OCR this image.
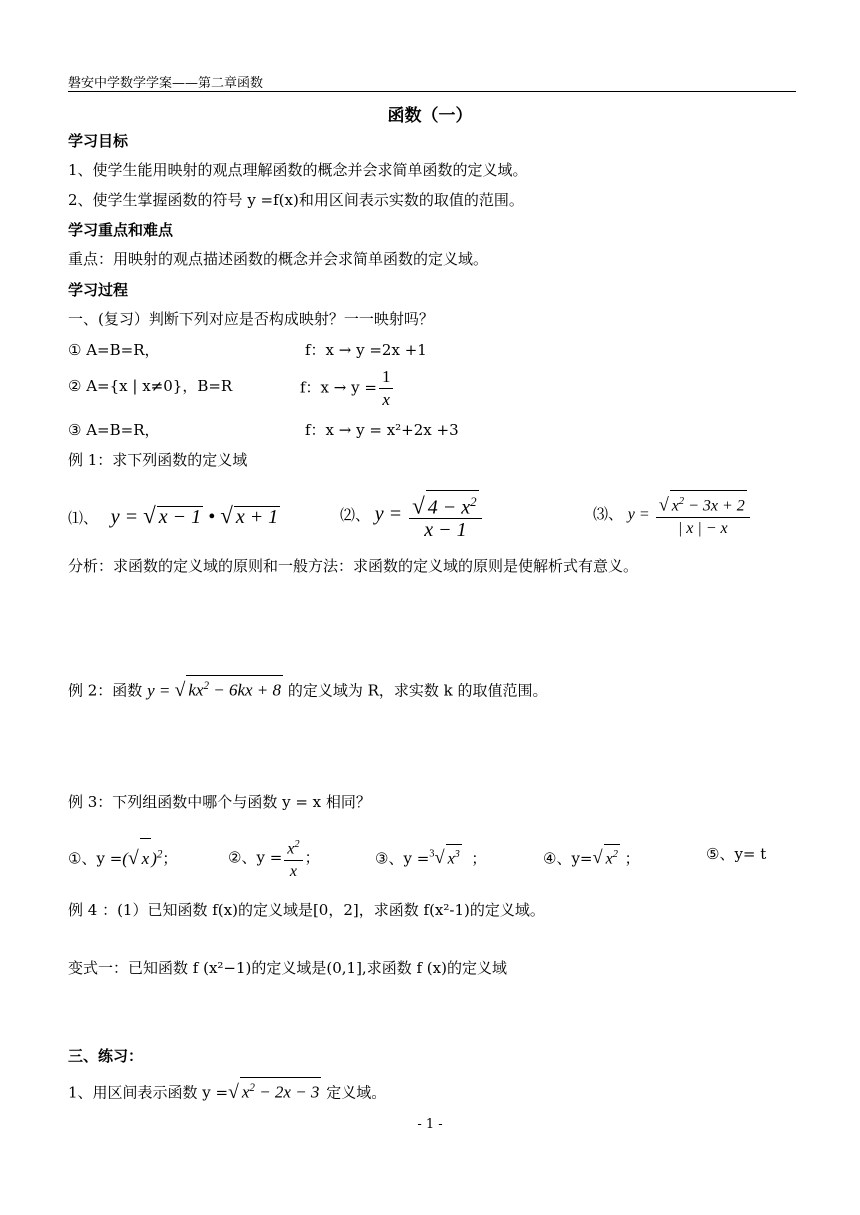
磐安中学数学学案——第二章函数
函数（一）
学习目标
1、使学生能用映射的观点理解函数的概念并会求简单函数的定义域。
2、使学生掌握函数的符号 y =f(x)和用区间表示实数的取值的范围。
学习重点和难点
重点：用映射的观点描述函数的概念并会求简单函数的定义域。
学习过程
一、(复习）判断下列对应是否构成映射？一一映射吗？
① A=B=R，	f：x → y =2x +1
② A={x | x≠0}，B=R	f：$x \to y = \frac{1}{x}$
③ A=B=R，	f：x → y = x²+2x +3
例 1：求下列函数的定义域
⑴、 y = √ x − 1 • √ x + 1	⑵、 $y = \frac{√ 4 - x^2}{x - 1}$	⑶、 $y = \frac{√ x^2 - 3x + 2}{| x | - x}$
分析：求函数的定义域的原则和一般方法：求函数的定义域的原则是使解析式有意义。
例 2：函数 y = √ $kx^2 - 6kx + 8$ 的定义域为 R，求实数 k 的取值范围。
例 3：下列组函数中哪个与函数 y = x 相同？
①、y =(√ x )$^2$；	②、$y = \frac{x^2}{x}$ ；	③、y =$^3$√ $x^3$  ；	④、y=√ $x^2$ ；	⑤、y= t
例 4 ：(1）已知函数 f(x)的定义域是[0，2]，求函数 f(x²-1)的定义域。
变式一：已知函数 f (x²−1)的定义域是(0,1],求函数 f (x)的定义域
三、练习：
1、用区间表示函数 y =√ $x^2 - 2x - 3$ 定义域。
- 1 -
